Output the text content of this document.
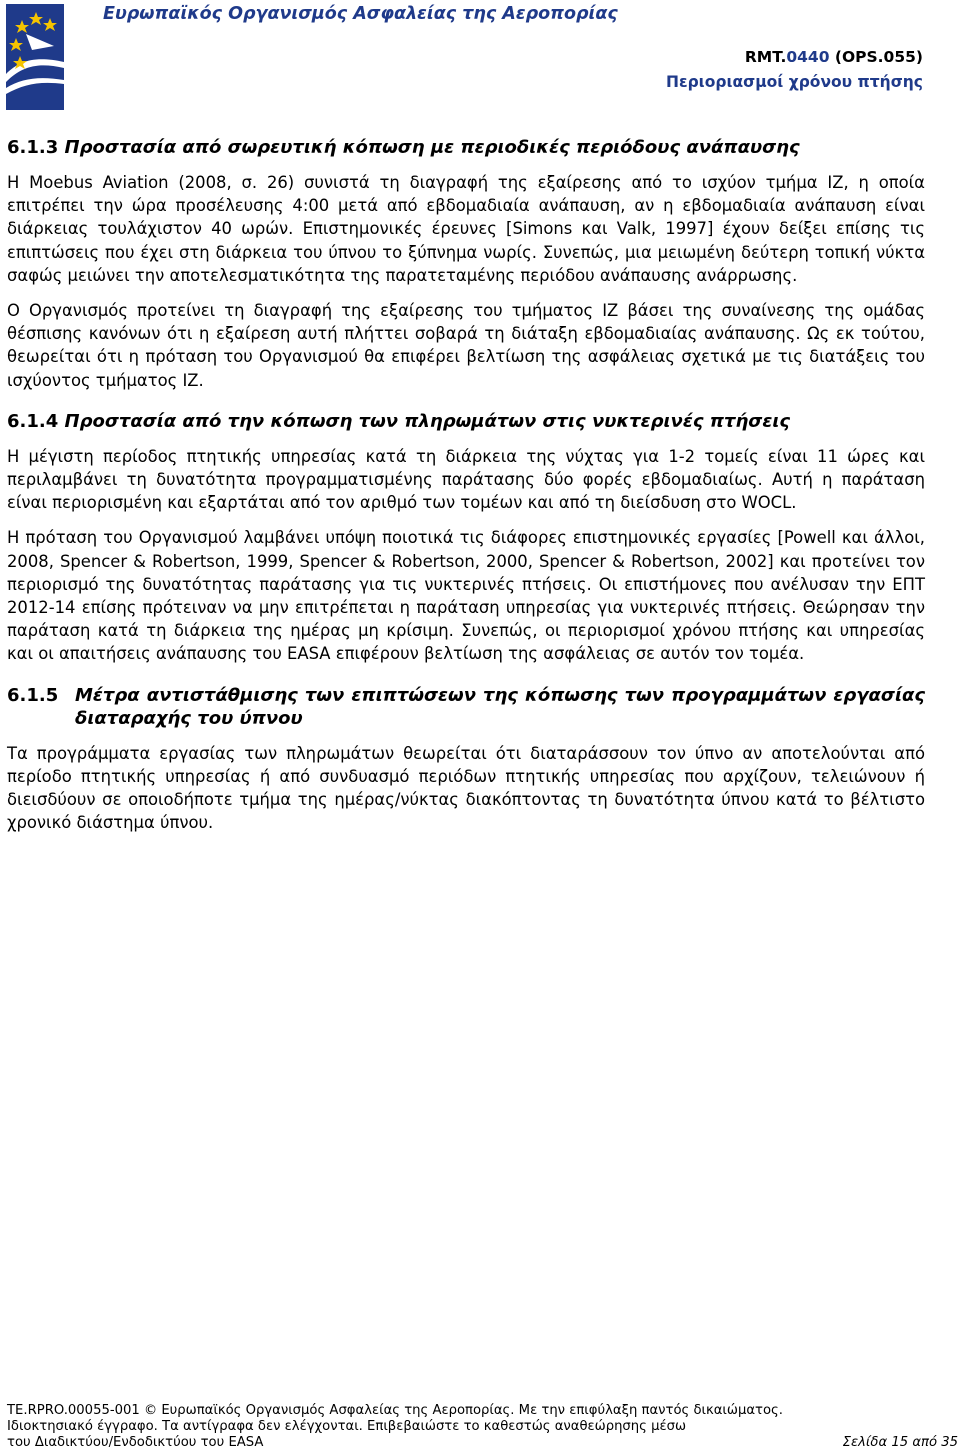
Ευρωπαϊκός Οργανισμός Ασφαλείας της Αεροπορίας
RMT.0440 (OPS.055)
Περιοριασμοί χρόνου πτήσης
6.1.3 Προστασία από σωρευτική κόπωση με περιοδικές περιόδους ανάπαυσης

Η Moebus Aviation (2008, σ. 26) συνιστά τη διαγραφή της εξαίρεσης από το ισχύον τμήμα IZ, η οποία επιτρέπει την ώρα προσέλευσης 4:00 μετά από εβδομαδιαία ανάπαυση, αν η εβδομαδιαία ανάπαυση είναι διάρκειας τουλάχιστον 40 ωρών. Επιστημονικές έρευνες [Simons και Valk, 1997] έχουν δείξει επίσης τις επιπτώσεις που έχει στη διάρκεια του ύπνου το ξύπνημα νωρίς. Συνεπώς, μια μειωμένη δεύτερη τοπική νύκτα σαφώς μειώνει την αποτελεσματικότητα της παρατεταμένης περιόδου ανάπαυσης ανάρρωσης.

Ο Οργανισμός προτείνει τη διαγραφή της εξαίρεσης του τμήματος IZ βάσει της συναίνεσης της ομάδας θέσπισης κανόνων ότι η εξαίρεση αυτή πλήττει σοβαρά τη διάταξη εβδομαδιαίας ανάπαυσης. Ως εκ τούτου, θεωρείται ότι η πρόταση του Οργανισμού θα επιφέρει βελτίωση της ασφάλειας σχετικά με τις διατάξεις του ισχύοντος τμήματος IZ.

6.1.4 Προστασία από την κόπωση των πληρωμάτων στις νυκτερινές πτήσεις

Η μέγιστη περίοδος πτητικής υπηρεσίας κατά τη διάρκεια της νύχτας για 1-2 τομείς είναι 11 ώρες και περιλαμβάνει τη δυνατότητα προγραμματισμένης παράτασης δύο φορές εβδομαδιαίως. Αυτή η παράταση είναι περιορισμένη και εξαρτάται από τον αριθμό των τομέων και από τη διείσδυση στο WOCL.

Η πρόταση του Οργανισμού λαμβάνει υπόψη ποιοτικά τις διάφορες επιστημονικές εργασίες [Powell και άλλοι, 2008, Spencer & Robertson, 1999, Spencer & Robertson, 2000, Spencer & Robertson, 2002] και προτείνει τον περιορισμό της δυνατότητας παράτασης για τις νυκτερινές πτήσεις. Οι επιστήμονες που ανέλυσαν την ΕΠΤ 2012-14 επίσης πρότειναν να μην επιτρέπεται η παράταση υπηρεσίας για νυκτερινές πτήσεις. Θεώρησαν την παράταση κατά τη διάρκεια της ημέρας μη κρίσιμη. Συνεπώς, οι περιορισμοί χρόνου πτήσης και υπηρεσίας και οι απαιτήσεις ανάπαυσης του EASA επιφέρουν βελτίωση της ασφάλειας σε αυτόν τον τομέα.

6.1.5 Μέτρα αντιστάθμισης των επιπτώσεων της κόπωσης των προγραμμάτων εργασίας διαταραχής του ύπνου

Τα προγράμματα εργασίας των πληρωμάτων θεωρείται ότι διαταράσσουν τον ύπνο αν αποτελούνται από περίοδο πτητικής υπηρεσίας ή από συνδυασμό περιόδων πτητικής υπηρεσίας που αρχίζουν, τελειώνουν ή διεισδύουν σε οποιοδήποτε τμήμα της ημέρας/νύκτας διακόπτοντας τη δυνατότητα ύπνου κατά το βέλτιστο χρονικό διάστημα ύπνου.

TE.RPRO.00055-001 © Ευρωπαϊκός Οργανισμός Ασφαλείας της Αεροπορίας. Με την επιφύλαξη παντός δικαιώματος.
Ιδιοκτησιακό έγγραφο. Τα αντίγραφα δεν ελέγχονται. Επιβεβαιώστε το καθεστώς αναθεώρησης μέσω
του Διαδικτύου/Ενδοδικτύου του EASA	Σελίδα 15 από 35
